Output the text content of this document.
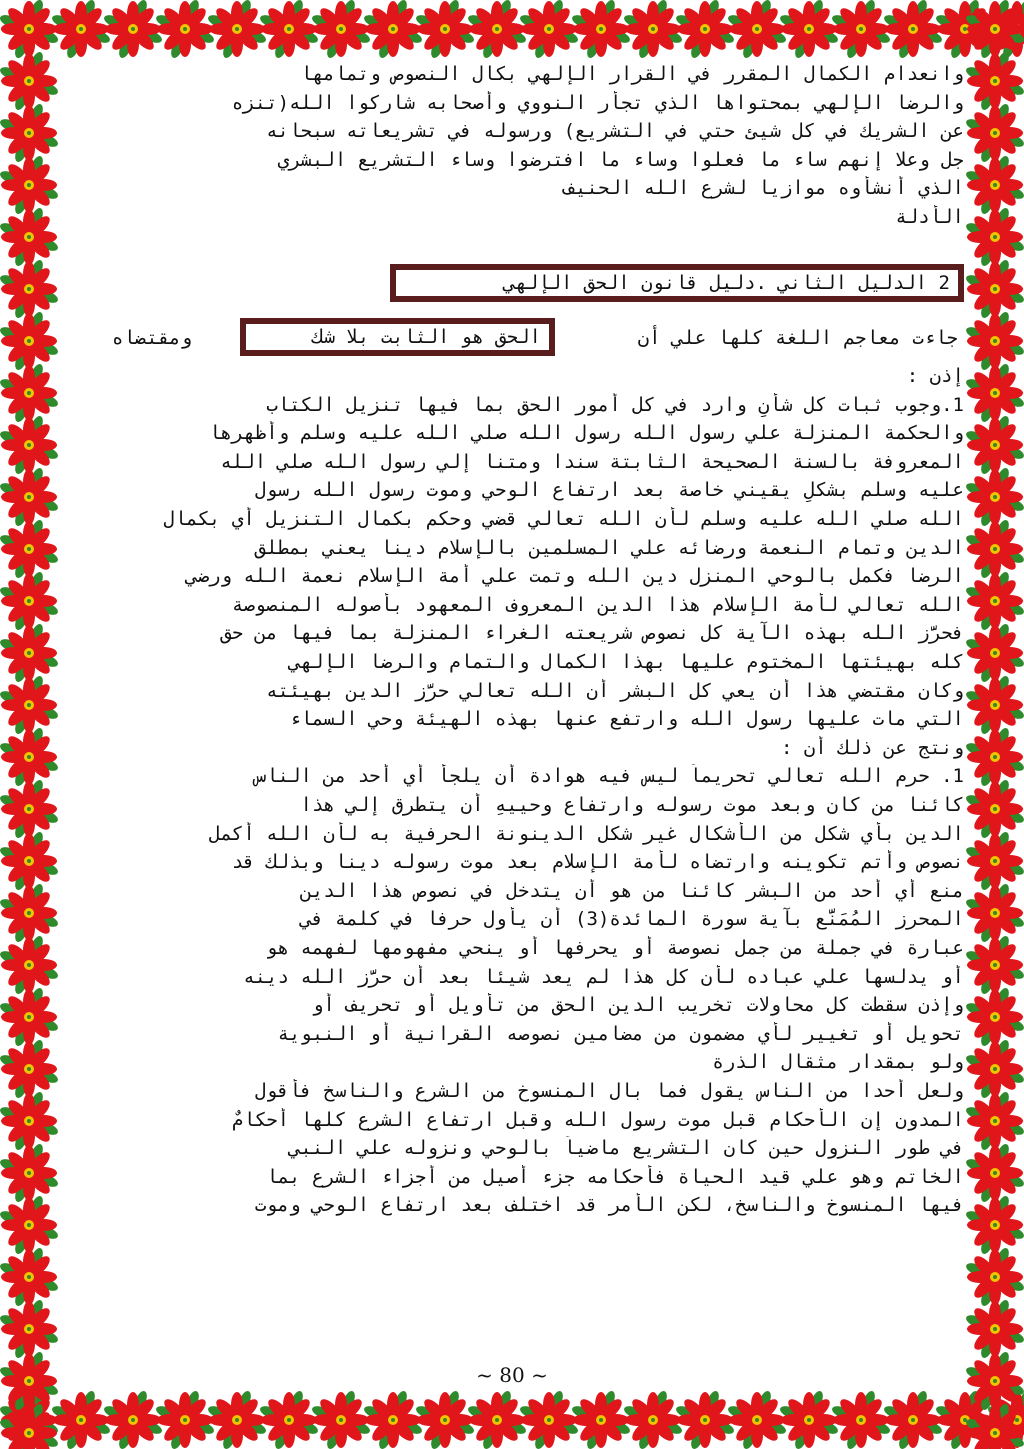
وانعدام الكمال المقرر في القرار الإلهي بكال النصوص وتمامها
والرضا الإلهي بمحتواها الذي تجأر النووي وأصحابه شاركوا الله(تنزه
عن الشريك في كل شيئ حتي في التشريع) ورسوله في تشريعاته سبحانه
جل وعلا إنهم ساء ما فعلوا وساء ما افترضوا وساء التشريع البشري
الذي أنشأوه موازيا لشرع الله الحنيف
الأدلة
2 الدليل الثاني .دليل قانون الحق الإلهي
جاءت معاجم اللغة كلها علي أن
الحق هو الثابت بلا شك
ومقتضاه
إذن :
1.وجوب ثبات كل شأنٍ وارد في كل أمور الحق بما فيها تنزيل الكتاب
والحكمة المنزلة علي رسول الله رسول الله صلي الله عليه وسلم وأظهرها
المعروفة بالسنة الصحيحة الثابتة سندا ومتنا إلي رسول الله صلي الله
عليه وسلم بشكلٍ يقيني خاصة بعد ارتفاع الوحي وموت رسول الله رسول
الله صلي الله عليه وسلم لأن الله تعالي قضي وحكم بكمال التنزيل أي بكمال
الدين وتمام النعمة ورضائه علي المسلمين بالإسلام دينا يعني بمطلق
الرضا فكمل بالوحي المنزل دين الله وتمت علي أمة الإسلام نعمة الله ورضي
الله تعالي لأمة الإسلام هذا الدين المعروف المعهود بأصوله المنصوصة
فحرَّز الله بهذه الآية كل نصوص شريعته الغراء المنزلة بما فيها من حق
كله بهيئتها المختوم عليها بهذا الكمال والتمام والرضا الإلهي
وكان مقتضي هذا أن يعي كل البشر أن الله تعالي حرَّز الدين بهيئته
التي مات عليها رسول الله وارتفع عنها بهذه الهيئة وحي السماء
ونتج عن ذلك أن :
1. حرم الله تعالي تحريماً ليس فيه هوادة أن يلجأ أي أحد من الناس
كائنا من كان وبعد موت رسوله وارتفاع وحييهِ أن يتطرق إلي هذا
الدين بأي شكل من الأشكال غير شكل الدينونة الحرفية به لأن الله أكمل
نصوص وأتم تكوينه وارتضاه لأمة الإسلام بعد موت رسوله دينا وبذلك قد
منع أي أحد من البشر كائنا من هو أن يتدخل في نصوص هذا الدين
المحرز المُمَنَّع بآية سورة المائدة(3) أن يأول حرفا في كلمة في
عبارة في جملة من جمل نصوصة أو يحرفها أو ينحي مفهومها لفهمه هو
أو يدلسها علي عباده لأن كل هذا لم يعد شيئا بعد أن حرَّز الله دينه
وإذن سقطت كل محاولات تخريب الدين الحق من تأويل أو تحريف أو
تحويل أو تغيير لأي مضمون من مضامين نصوصه القرانية أو النبوية
ولو بمقدار مثقال الذرة
ولعل أحدا من الناس يقول فما بال المنسوخ من الشرع والناسخ فأقول
المدون إن الأحكام قبل موت رسول الله وقبل ارتفاع الشرع كلها أحكامٌ
في طور النزول حين كان التشريع ماضياً بالوحي ونزوله علي النبي
الخاتم وهو علي قيد الحياة فأحكامه جزء أصيل من أجزاء الشرع بما
فيها المنسوخ والناسخ، لكن الأمر قد اختلف بعد ارتفاع الوحي وموت
~ 80 ~
